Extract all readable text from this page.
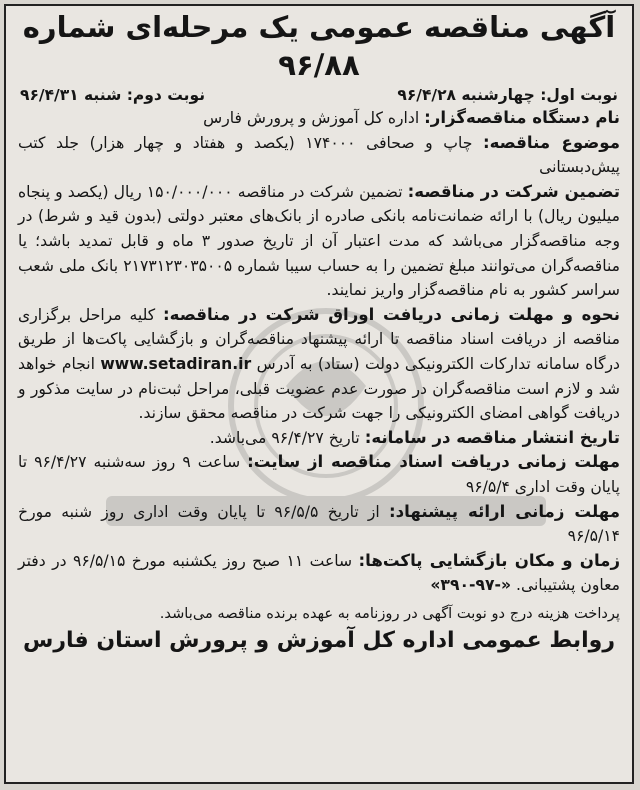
آگهی مناقصه عمومی یک مرحله‌ای شماره ۹۶/۸۸
نوبت اول: چهارشنبه ۹۶/۴/۲۸
نوبت دوم: شنبه ۹۶/۴/۳۱

نام دستگاه مناقصه‌گزار: اداره کل آموزش و پرورش فارس

موضوع مناقصه: چاپ و صحافی ۱۷۴۰۰۰ (یکصد و هفتاد و چهار هزار) جلد کتب پیش‌دبستانی

تضمین شرکت در مناقصه: تضمین شرکت در مناقصه ۱۵۰/۰۰۰/۰۰۰ ریال (یکصد و پنجاه میلیون ریال) با ارائه ضمانت‌نامه بانکی صادره از بانک‌های معتبر دولتی (بدون قید و شرط) در وجه مناقصه‌گزار می‌باشد که مدت اعتبار آن از تاریخ صدور ۳ ماه و قابل تمدید باشد؛ یا مناقصه‌گران می‌توانند مبلغ تضمین را به حساب سیبا شماره ۲۱۷۳۱۲۳۰۳۵۰۰۵ بانک ملی شعب سراسر کشور به نام مناقصه‌گزار واریز نمایند.

نحوه و مهلت زمانی دریافت اوراق شرکت در مناقصه: کلیه مراحل برگزاری مناقصه از دریافت اسناد مناقصه تا ارائه پیشنهاد مناقصه‌گران و بازگشایی پاکت‌ها از طریق درگاه سامانه تدارکات الکترونیکی دولت (ستاد) به آدرس www.setadiran.ir انجام خواهد شد و لازم است مناقصه‌گران در صورت عدم عضویت قبلی، مراحل ثبت‌نام در سایت مذکور و دریافت گواهی امضای الکترونیکی را جهت شرکت در مناقصه محقق سازند.

تاریخ انتشار مناقصه در سامانه: تاریخ ۹۶/۴/۲۷ می‌باشد.

مهلت زمانی دریافت اسناد مناقصه از سایت: ساعت ۹ روز سه‌شنبه ۹۶/۴/۲۷ تا پایان وقت اداری ۹۶/۵/۴

مهلت زمانی ارائه پیشنهاد: از تاریخ ۹۶/۵/۵ تا پایان وقت اداری روز شنبه مورخ ۹۶/۵/۱۴

زمان و مکان بازگشایی پاکت‌ها: ساعت ۱۱ صبح روز یکشنبه مورخ ۹۶/۵/۱۵ در دفتر معاون پشتیبانی. «۳۹۰-۹۷-»

پرداخت هزینه درج دو نوبت آگهی در روزنامه به عهده برنده مناقصه می‌باشد.

روابط عمومی اداره کل آموزش و پرورش استان فارس
